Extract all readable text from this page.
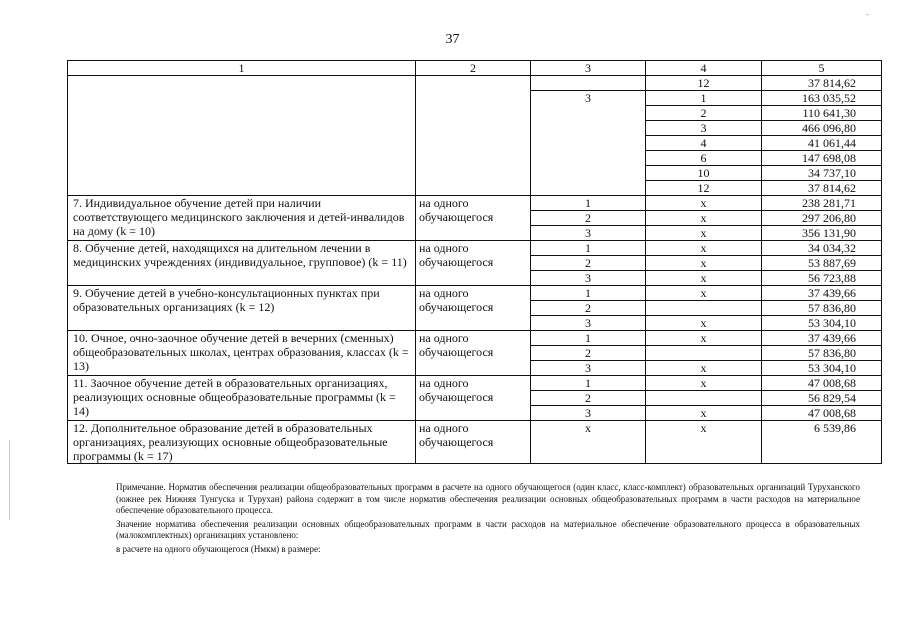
37
1	2	3	4	5
			12	37 814,62
		3	1	163 035,52
			2	110 641,30
			3	466 096,80
			4	41 061,44
			6	147 698,08
			10	34 737,10
			12	37 814,62
7. Индивидуальное обучение детей при наличии соответствующего медицинского заключения и детей-инвалидов на дому (k = 10)	на одного обучающегося	1	х	238 281,71
		2	х	297 206,80
		3	х	356 131,90
8. Обучение детей, находящихся на длительном лечении в медицинских учреждениях (индивидуальное, групповое) (k = 11)	на одного обучающегося	1	х	34 034,32
		2	х	53 887,69
		3	х	56 723,88
9. Обучение детей в учебно-консультационных пунктах при образовательных организациях (k = 12)	на одного обучающегося	1	х	37 439,66
		2		57 836,80
		3	х	53 304,10
10. Очное, очно-заочное обучение детей в вечерних (сменных) общеобразовательных школах, центрах образования, классах (k = 13)	на одного обучающегося	1	х	37 439,66
		2		57 836,80
		3	х	53 304,10
11. Заочное обучение детей в образовательных организациях, реализующих основные общеобразовательные программы (k = 14)	на одного обучающегося	1	х	47 008,68
		2		56 829,54
		3	х	47 008,68
12. Дополнительное образование детей в образовательных организациях, реализующих основные общеобразовательные программы (k = 17)	на одного обучающегося	х	х	6 539,86
Примечание. Норматив обеспечения реализации общеобразовательных программ в расчете на одного обучающегося (один класс, класс-комплект) образовательных организаций Туруханского (южнее рек Нижняя Тунгуска и Турухан) района содержит в том числе норматив обеспечения реализации основных общеобразовательных программ в части расходов на материальное обеспечение образовательного процесса.
Значение норматива обеспечения реализации основных общеобразовательных программ в части расходов на материальное обеспечение образовательного процесса в образовательных (малокомплектных) организациях установлено:
в расчете на одного обучающегося (Нмкм) в размере:
-
